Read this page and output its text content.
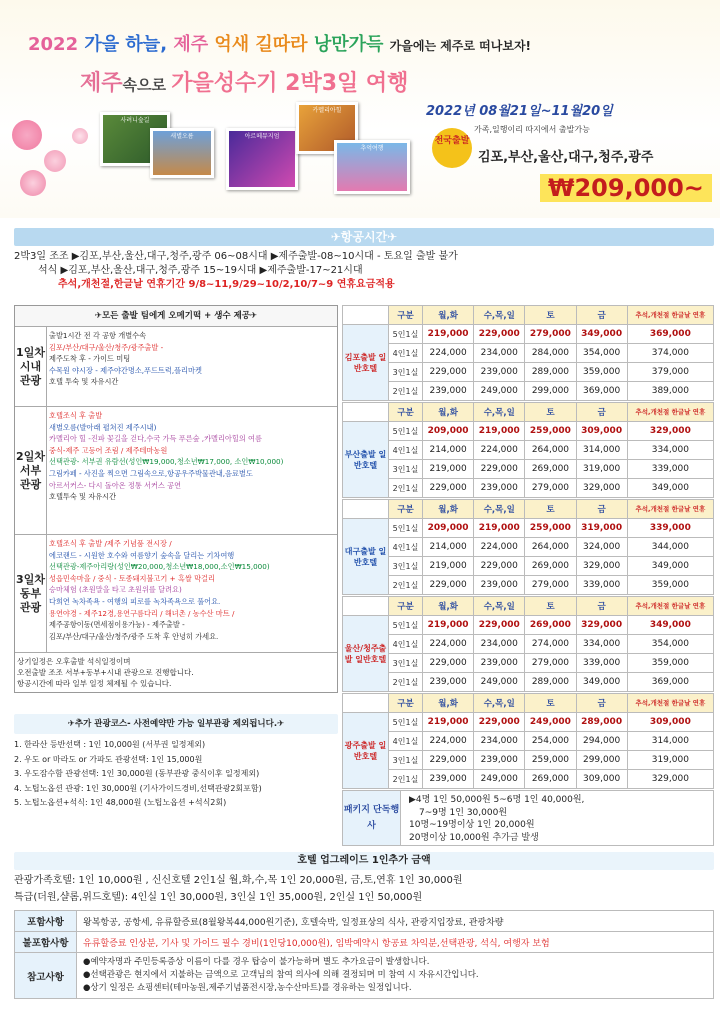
2022 가을 하늘, 제주 억새 길따라 낭만가득 가을에는 제주로 떠나보자!
제주속으로 가을성수기 2박3일 여행
사려니숲길
새별오름	아르떼뮤지엄
카멜리아힐
추억여행
2022년 08월21일~11월20일
전국출발
가족,일행이리 따지에서 출발가능
김포,부산,울산,대구,청주,광주
₩209,000~
✈항공시간✈
2박3일 조조 ▶김포,부산,울산,대구,청주,광주 06~08시대 ▶제주출발-08~10시대 - 토요일 출발 불가
석식 ▶김포,부산,울산,대구,청주,광주 15~19시대 ▶제주출발-17~21시대
추석,개천절,한글날 연휴기간 9/8~11,9/29~10/2,10/7~9 연휴요금적용
✈모든 출발 팀에게 오메기떡 + 생수 제공✈
1일차 시내 관광
출발1시간 전 각 공항 개별수속
김포/부산/대구/울산/청주/광주출발 -
제주도착 후 - 가이드 미팅
수목원 야시장 - 제주야간명소,푸드트럭,플리마켓
호텔 투숙 및 자유시간
2일차 서부 관광
호텔조식 후 출발
새별오름(발아래 펼쳐진 제주시내)
카멜리아 힐 -진파 꽃길을 걷다,수국 가득 푸른숲 ,카멜리아힐의 여름
중식-제주 고등어 조림 / 제주테마농원
선택관광- 서부권 유람선(성인₩19,000,청소년₩17,000, 소인₩10,000)
그림카페 - 사진을 찍으면 그림속으로,항공우주박물관내,음료별도
아르서커스- 다시 돌아온 정통 서커스 공연
호텔투숙 및 자유시간
3일차 동부 관광
호텔조식 후 출발 /제주 기념품 전시장 /
에코랜드 - 시원한 호수와 여름향기 숲속을 달리는 기차여행
선택관광-제주아리랑(성인₩20,000,청소년₩18,000,소인₩15,000)
성읍민속마을 / 중식 - 토종돼지불고기 + 흑쌀 막걸리
승마체험 (초원말을 타고 초원위를 달려요)
다희연 녹차족욕 - 여행의 피로를 녹차족욕으로 풀어요.
용연야경 - 제주12경,용연구름다리 / 해녀촌 / 농수산 마트 /
제주공항이동(면세점이용가능) - 제주출발 -
김포/부산/대구/울산/청주/광주 도착 후 안녕히 가세요.
상기일정은 오후출발 석식일정이며
오전출발 조조 서부+동부+시내 관광으로 진행합니다.
항공시간에 따라 일부 일정 체제될 수 있습니다.
✈추가 관광코스- 사전예약만 가능 일부관광 제외됩니다.✈
1. 한라산 등반선택 : 1인 10,000원 (서부권 일정제외)
2. 우도 or 마라도 or 가파도 관광선택: 1인 15,000원
3. 우도잠수함 관광선택: 1인 30,000원 (동부관광 중식이후 일정제외)
4. 노팁노옵션 관광: 1인 30,000원 (기사가이드경비,선택관광2회포함)
5. 노팁노옵션+석식: 1인 48,000원 (노팁노옵션 +석식2회)
	구분	월,화	수,목,일	토	금	추석,개천절 한글날 연휴
김포출발 일반호텔	5인1실	219,000	229,000	279,000	349,000	369,000
	4인1실	224,000	234,000	284,000	354,000	374,000
	3인1실	229,000	239,000	289,000	359,000	379,000
	2인1실	239,000	249,000	299,000	369,000	389,000
	구분	월,화	수,목,일	토	금	추석,개천절 한글날 연휴
부산출발 일반호텔	5인1실	209,000	219,000	259,000	309,000	329,000
	4인1실	214,000	224,000	264,000	314,000	334,000
	3인1실	219,000	229,000	269,000	319,000	339,000
	2인1실	229,000	239,000	279,000	329,000	349,000
	구분	월,화	수,목,일	토	금	추석,개천절 한글날 연휴
대구출발 일반호텔	5인1실	209,000	219,000	259,000	319,000	339,000
	4인1실	214,000	224,000	264,000	324,000	344,000
	3인1실	219,000	229,000	269,000	329,000	349,000
	2인1실	229,000	239,000	279,000	339,000	359,000
	구분	월,화	수,목,일	토	금	추석,개천절 한글날 연휴
울산/청주출발 일반호텔	5인1실	219,000	229,000	269,000	329,000	349,000
	4인1실	224,000	234,000	274,000	334,000	354,000
	3인1실	229,000	239,000	279,000	339,000	359,000
	2인1실	239,000	249,000	289,000	349,000	369,000
	구분	월,화	수,목,일	토	금	추석,개천절 한글날 연휴
광주출발 일반호텔	5인1실	219,000	229,000	249,000	289,000	309,000
	4인1실	224,000	234,000	254,000	294,000	314,000
	3인1실	229,000	239,000	259,000	299,000	319,000
	2인1실	239,000	249,000	269,000	309,000	329,000
패키지 단독행사
▶4명 1인 50,000원 5~6명 1인 40,000원,
7~9명 1인 30,000원
10명~19명이상 1인 20,000원
20명이상 10,000원 추가금 발생
호텔 업그레이드 1인추가 금액
관광가족호텔: 1인 10,000원 , 신신호텔 2인1실 월,화,수,목 1인 20,000원, 금,토,연휴 1인 30,000원
특급(더원,샬롬,위드호텔): 4인실 1인 30,000원, 3인실 1인 35,000원, 2인실 1인 50,000원
포함사항	왕복항공, 공항세, 유류할증료(8월왕복44,000원기준), 호텔숙박, 일정표상의 식사, 관광지입장료, 관광차량
불포함사항	유류할증료 인상분, 기사 및 가이드 필수 경비(1인당10,000원), 임박예약시 항공료 차익분,선택관광, 석식, 여행자 보험
참고사항	●예약자명과 주민등록증상 이름이 다를 경우 탑승이 불가능하며 별도 추가요금이 발생합니다.
●선택관광은 현지에서 지불하는 금액으로 고객님의 참여 의사에 의해 결정되며 미 참여 시 자유시간입니다.
●상기 일정은 쇼핑센터(테마농원,제주기념품전시장,농수산마트)를 경유하는 일정입니다.
